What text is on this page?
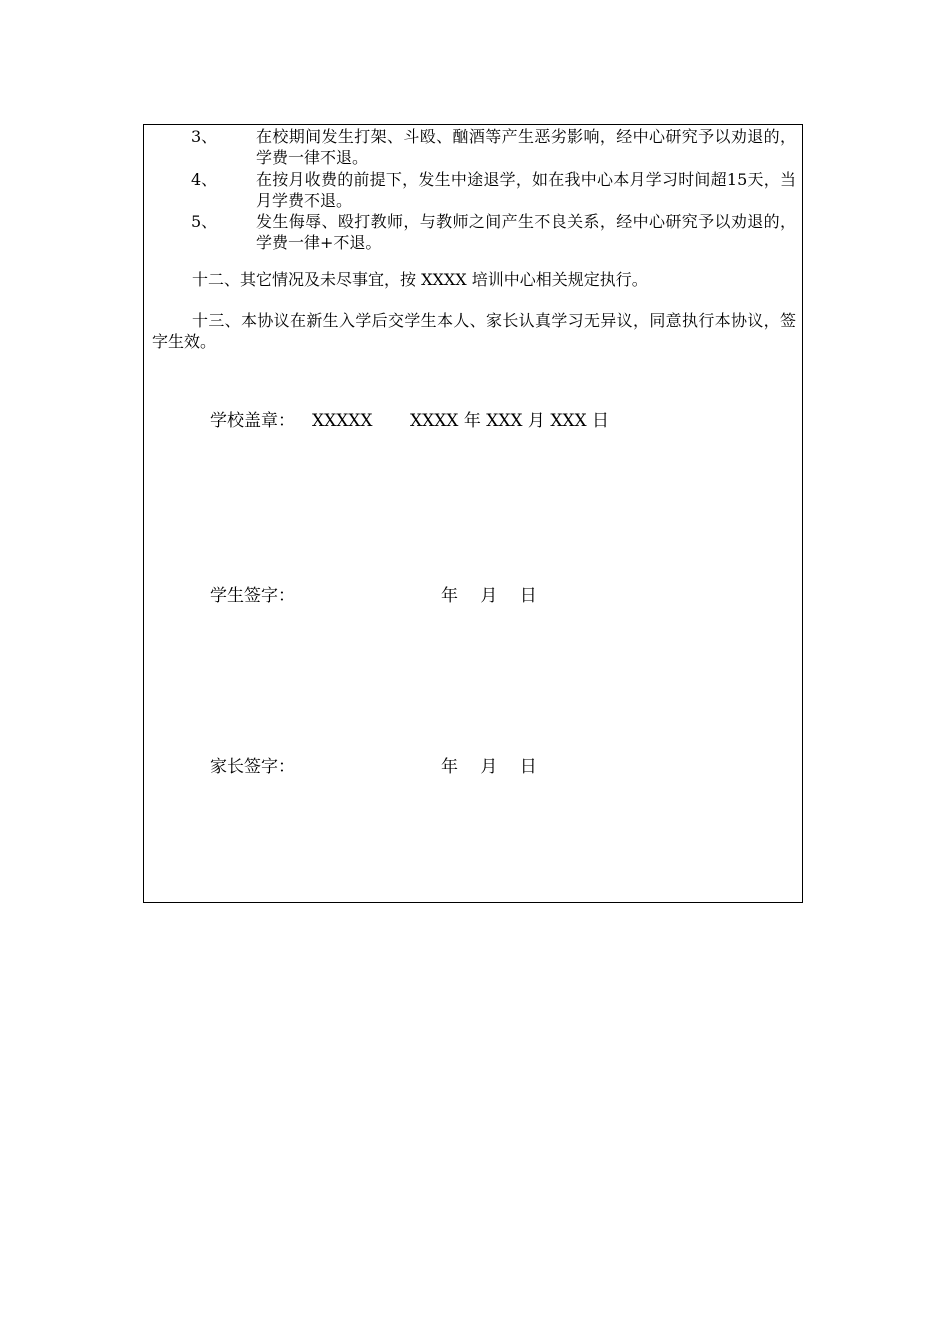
3、 在校期间发生打架、斗殴、酗酒等产生恶劣影响，经中心研究予以劝退的，学费一律不退。

4、 在按月收费的前提下，发生中途退学，如在我中心本月学习时间超15天，当月学费不退。

5、 发生侮辱、殴打教师，与教师之间产生不良关系，经中心研究予以劝退的，学费一律+不退。

十二、其它情况及未尽事宜，按 XXXX 培训中心相关规定执行。

十三、本协议在新生入学后交学生本人、家长认真学习无异议，同意执行本协议，签字生效。

学校盖章： XXXXX XXXX 年 XXX 月 XXX 日
学生签字：	年　 月　 日
家长签字：	年　 月　 日
